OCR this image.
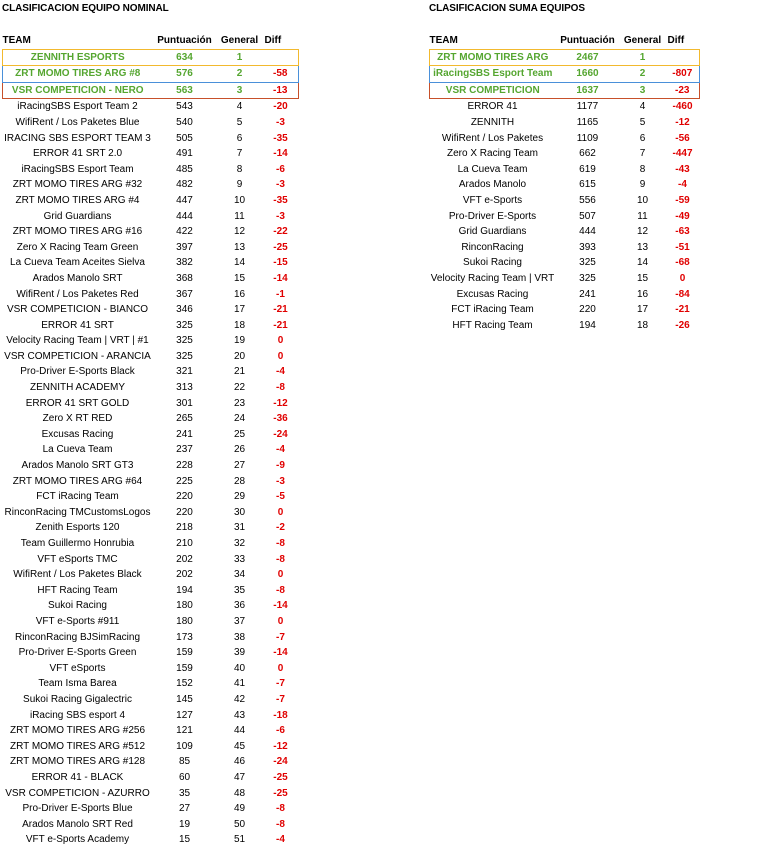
CLASIFICACION EQUIPO NOMINAL	CLASIFICACION SUMA EQUIPOS
TEAM	Puntuación	General	Diff
ZENNITH ESPORTS	634	1	
ZRT MOMO TIRES ARG #8	576	2	-58
VSR COMPETICION - NERO	563	3	-13
iRacingSBS Esport Team 2	543	4	-20
WifiRent / Los Paketes Blue	540	5	-3
IRACING SBS ESPORT TEAM 3	505	6	-35
ERROR 41 SRT 2.0	491	7	-14
iRacingSBS Esport Team	485	8	-6
ZRT MOMO TIRES ARG #32	482	9	-3
ZRT MOMO TIRES ARG #4	447	10	-35
Grid Guardians	444	11	-3
ZRT MOMO TIRES ARG #16	422	12	-22
Zero X Racing Team Green	397	13	-25
La Cueva Team Aceites Sielva	382	14	-15
Arados Manolo SRT	368	15	-14
WifiRent / Los Paketes Red	367	16	-1
VSR COMPETICION - BIANCO	346	17	-21
ERROR 41 SRT	325	18	-21
Velocity Racing Team | VRT | #1	325	19	0
VSR COMPETICION - ARANCIA	325	20	0
Pro-Driver E-Sports Black	321	21	-4
ZENNITH ACADEMY	313	22	-8
ERROR 41 SRT GOLD	301	23	-12
Zero X RT RED	265	24	-36
Excusas Racing	241	25	-24
La Cueva Team	237	26	-4
Arados Manolo SRT GT3	228	27	-9
ZRT MOMO TIRES ARG #64	225	28	-3
FCT iRacing Team	220	29	-5
RinconRacing TMCustomsLogos	220	30	0
Zenith Esports 120	218	31	-2
Team Guillermo Honrubia	210	32	-8
VFT eSports TMC	202	33	-8
WifiRent / Los Paketes Black	202	34	0
HFT Racing Team	194	35	-8
Sukoi Racing	180	36	-14
VFT e-Sports #911	180	37	0
RinconRacing BJSimRacing	173	38	-7
Pro-Driver E-Sports Green	159	39	-14
VFT eSports	159	40	0
Team Isma Barea	152	41	-7
Sukoi Racing Gigalectric	145	42	-7
iRacing SBS esport 4	127	43	-18
ZRT MOMO TIRES ARG #256	121	44	-6
ZRT MOMO TIRES ARG #512	109	45	-12
ZRT MOMO TIRES ARG #128	85	46	-24
ERROR 41 - BLACK	60	47	-25
VSR COMPETICION - AZURRO	35	48	-25
Pro-Driver E-Sports Blue	27	49	-8
Arados Manolo SRT Red	19	50	-8
VFT e-Sports Academy	15	51	-4
TEAM	Puntuación	General	Diff
ZRT MOMO TIRES ARG	2467	1	
iRacingSBS Esport Team	1660	2	-807
VSR COMPETICION	1637	3	-23
ERROR 41	1177	4	-460
ZENNITH	1165	5	-12
WifiRent / Los Paketes	1109	6	-56
Zero X Racing Team	662	7	-447
La Cueva Team	619	8	-43
Arados Manolo	615	9	-4
VFT e-Sports	556	10	-59
Pro-Driver E-Sports	507	11	-49
Grid Guardians	444	12	-63
RinconRacing	393	13	-51
Sukoi Racing	325	14	-68
Velocity Racing Team | VRT	325	15	0
Excusas Racing	241	16	-84
FCT iRacing Team	220	17	-21
HFT Racing Team	194	18	-26
